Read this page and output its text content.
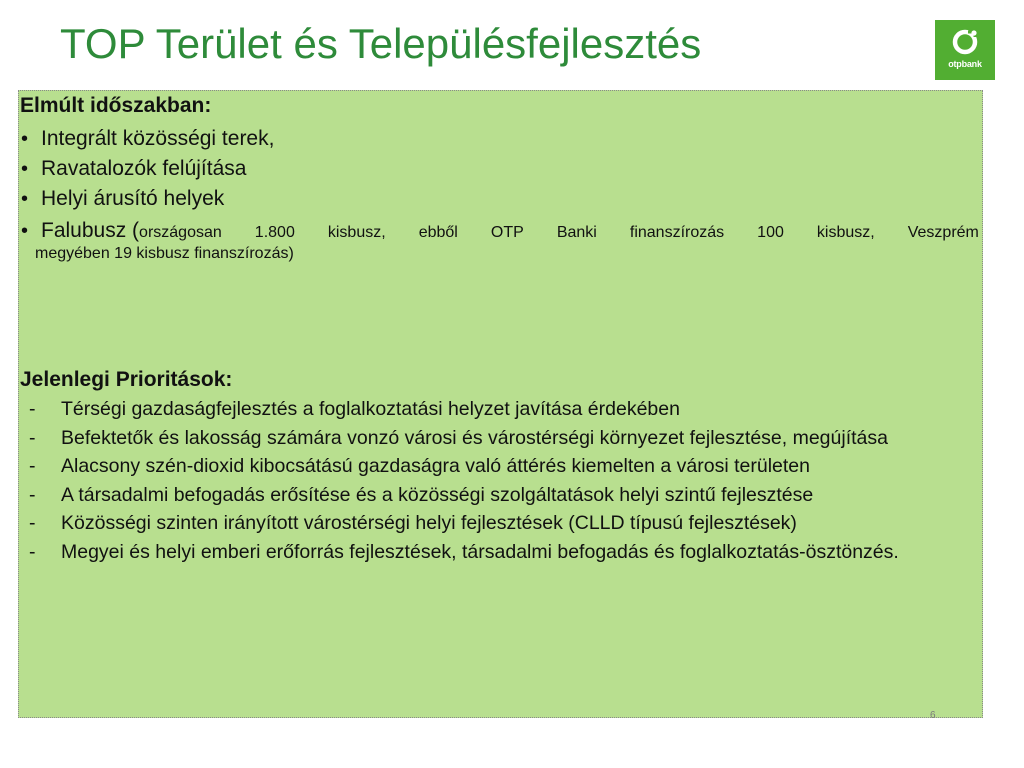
TOP Terület és Településfejlesztés	otpbank
Elmúlt időszakban:
• Integrált közösségi terek,
• Ravatalozók felújítása
• Helyi árusító helyek
• Falubusz (országosan 1.800 kisbusz, ebből OTP Banki finanszírozás 100 kisbusz, Veszprém
megyében 19 kisbusz finanszírozás)
Jelenlegi Prioritások:
- Térségi gazdaságfejlesztés a foglalkoztatási helyzet javítása érdekében
- Befektetők és lakosság számára vonzó városi és várostérségi környezet fejlesztése, megújítása
- Alacsony szén-dioxid kibocsátású gazdaságra való áttérés kiemelten a városi területen
- A társadalmi befogadás erősítése és a közösségi szolgáltatások helyi szintű fejlesztése
- Közösségi szinten irányított várostérségi helyi fejlesztések (CLLD típusú fejlesztések)
- Megyei és helyi emberi erőforrás fejlesztések, társadalmi befogadás és foglalkoztatás-ösztönzés.
6
